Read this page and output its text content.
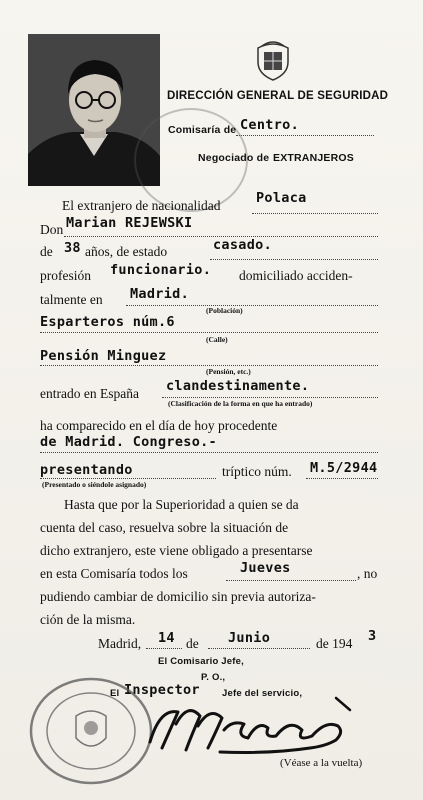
DIRECCIÓN GENERAL DE SEGURIDAD
Comisaría de Centro.
Negociado de EXTRANJEROS
El extranjero de nacionalidad	Polaca
Don Marian REJEWSKI
de 38 años, de estado	casado.
profesión funcionario. domiciliado acciden-
talmente en Madrid.
(Población)
Esparteros núm.6
(Calle)
Pensión Minguez
(Pensión, etc.)
entrado en España clandestinamente.
(Clasificación de la forma en que ha entrado)
ha comparecido en el día de hoy procedente
de Madrid. Congreso.-
presentando	tríptico núm. M.5/2944
(Presentado o siéndole asignado)
Hasta que por la Superioridad a quien se da
cuenta del caso, resuelva sobre la situación de
dicho extranjero, este viene obligado a presentarse
en esta Comisaría todos los	Jueves	, no
pudiendo cambiar de domicilio sin previa autoriza-
ción de la misma.
Madrid, 14 de Junio	de 194 3
El Comisario Jefe,
P. O.,
El Inspector Jefe del servicio,
(Véase a la vuelta)
